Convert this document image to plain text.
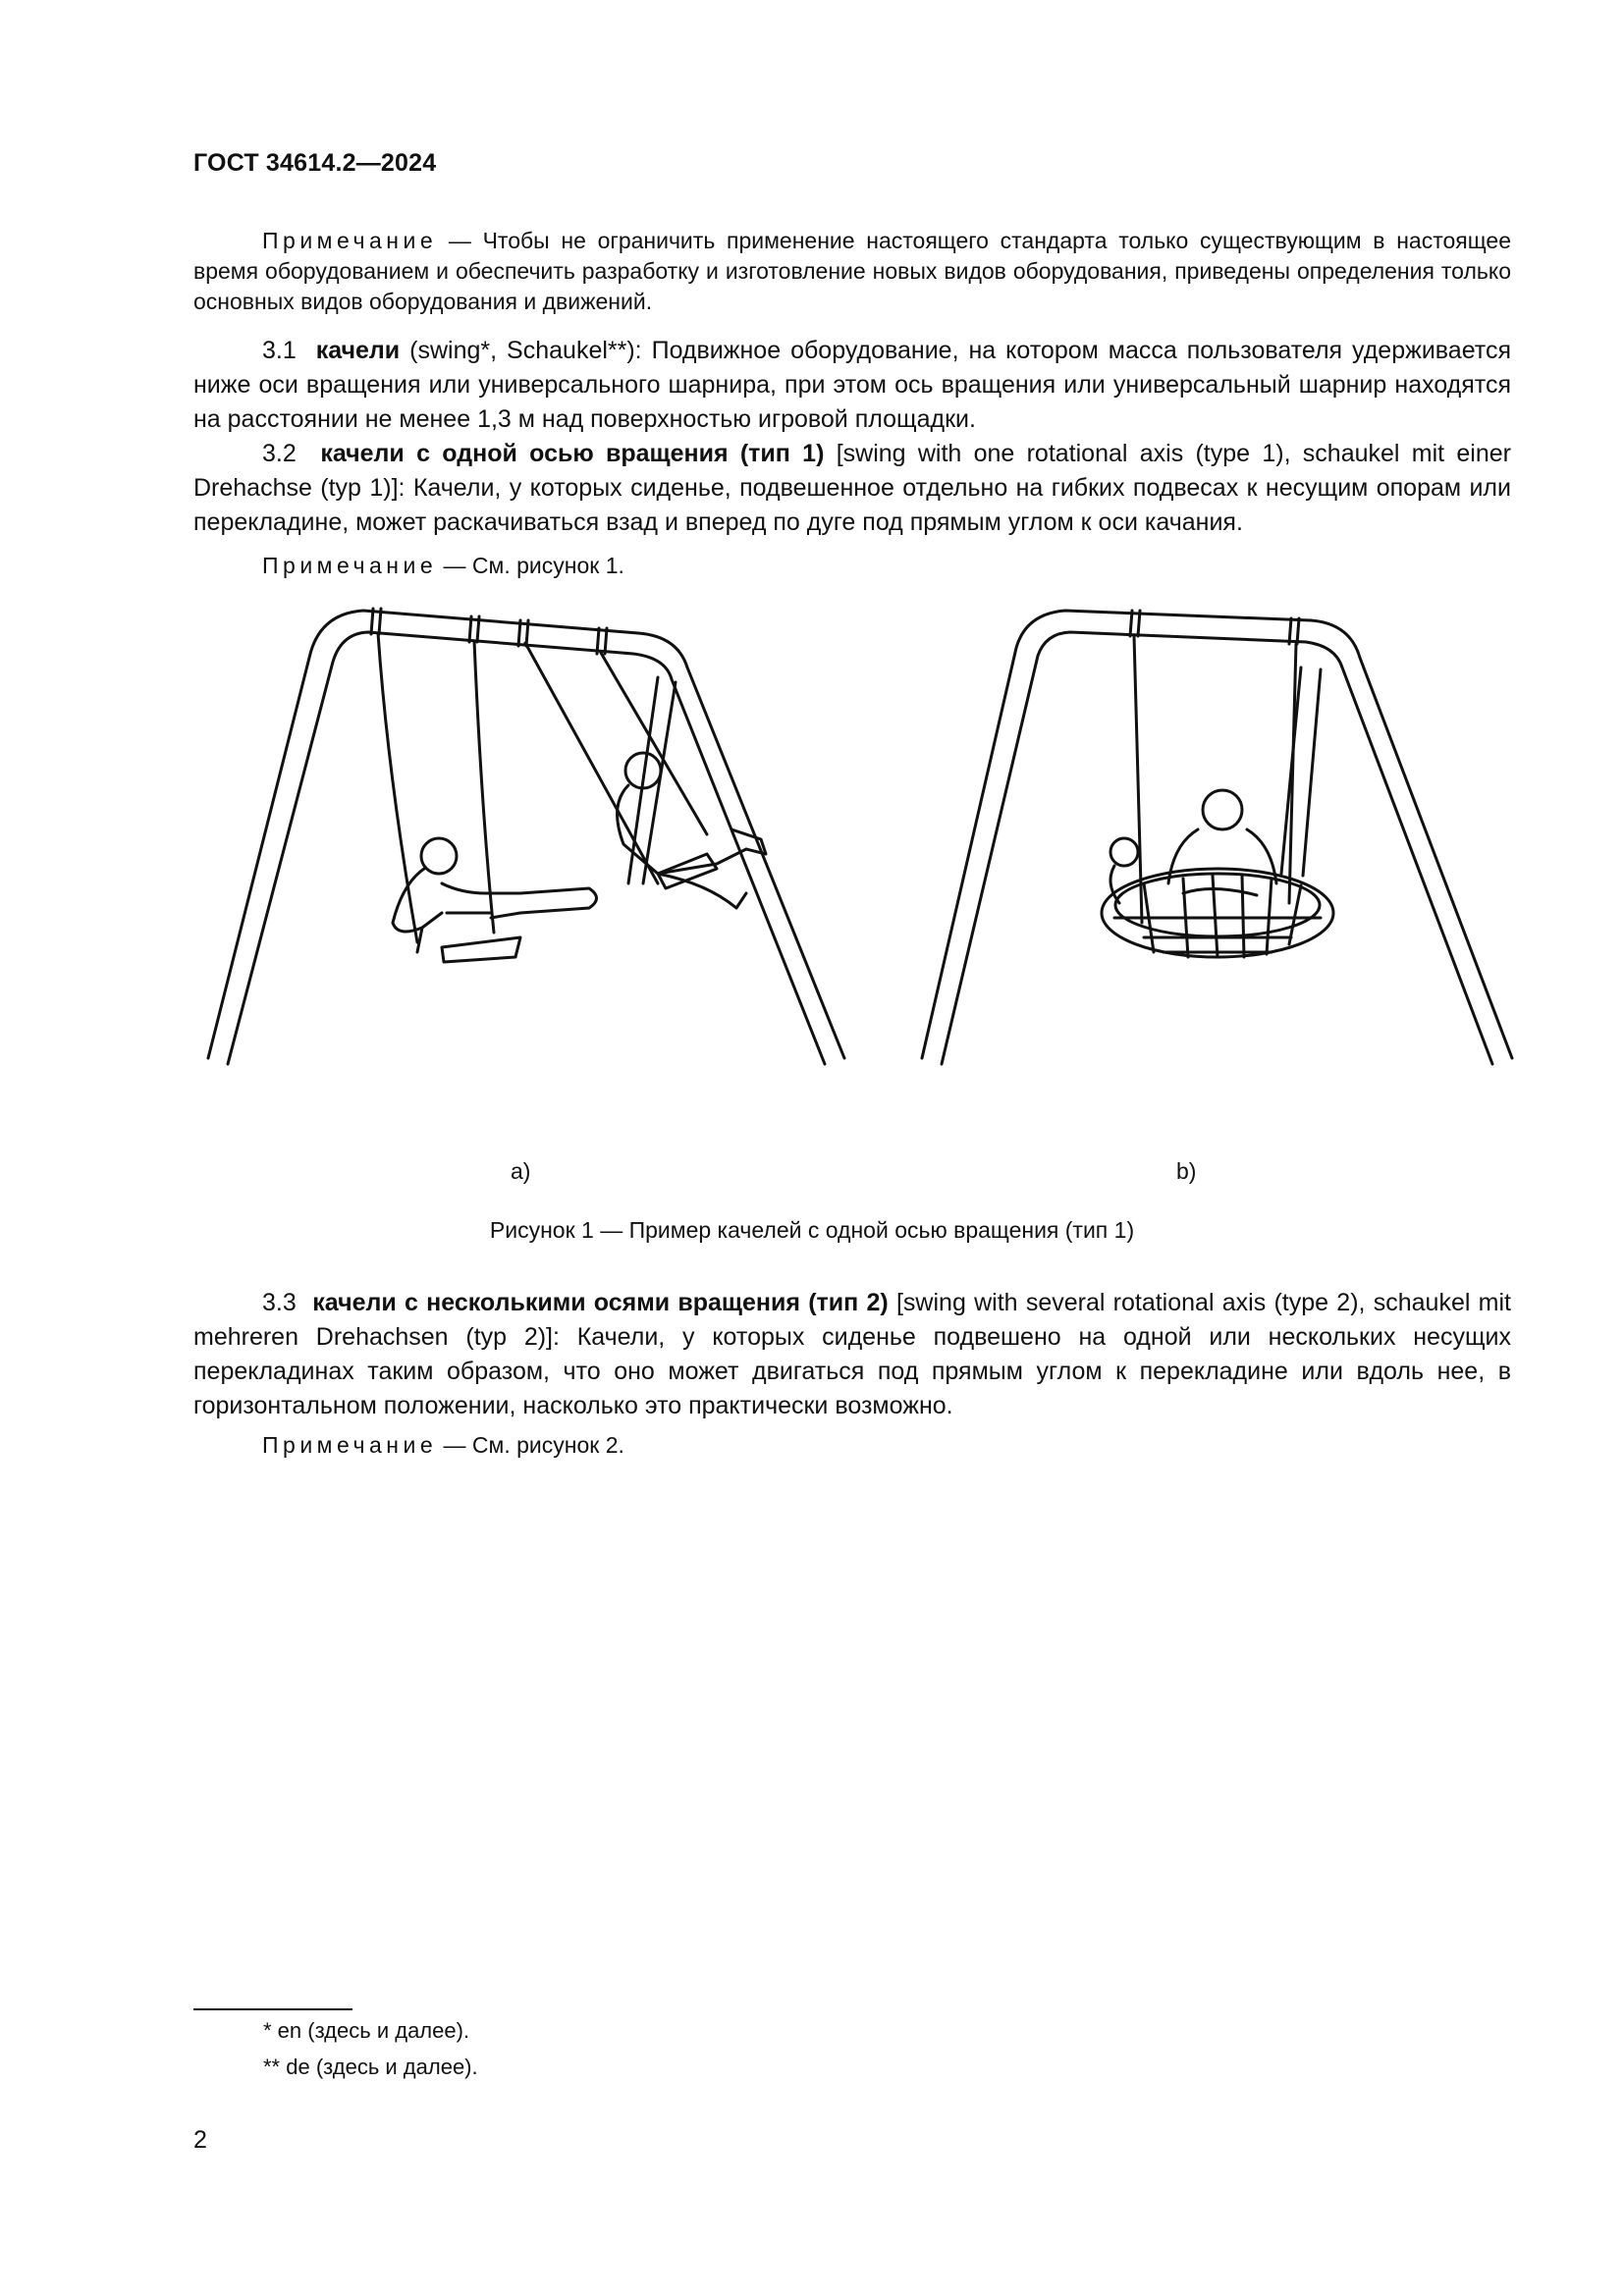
ГОСТ 34614.2—2024

Примечание — Чтобы не ограничить применение настоящего стандарта только существующим в настоящее время оборудованием и обеспечить разработку и изготовление новых видов оборудования, приведены определения только основных видов оборудования и движений.

3.1 качели (swing*, Schaukel**): Подвижное оборудование, на котором масса пользователя удерживается ниже оси вращения или универсального шарнира, при этом ось вращения или универсальный шарнир находятся на расстоянии не менее 1,3 м над поверхностью игровой площадки.

3.2 качели с одной осью вращения (тип 1) [swing with one rotational axis (type 1), schaukel mit einer Drehachse (typ 1)]: Качели, у которых сиденье, подвешенное отдельно на гибких подвесах к несущим опорам или перекладине, может раскачиваться взад и вперед по дуге под прямым углом к оси качания.

Примечание — См. рисунок 1.

а)	b)
Рисунок 1 — Пример качелей с одной осью вращения (тип 1)

3.3 качели с несколькими осями вращения (тип 2) [swing with several rotational axis (type 2), schaukel mit mehreren Drehachsen (typ 2)]: Качели, у которых сиденье подвешено на одной или нескольких несущих перекладинах таким образом, что оно может двигаться под прямым углом к перекладине или вдоль нее, в горизонтальном положении, насколько это практически возможно.

Примечание — См. рисунок 2.

* en (здесь и далее).
** de (здесь и далее).
2
